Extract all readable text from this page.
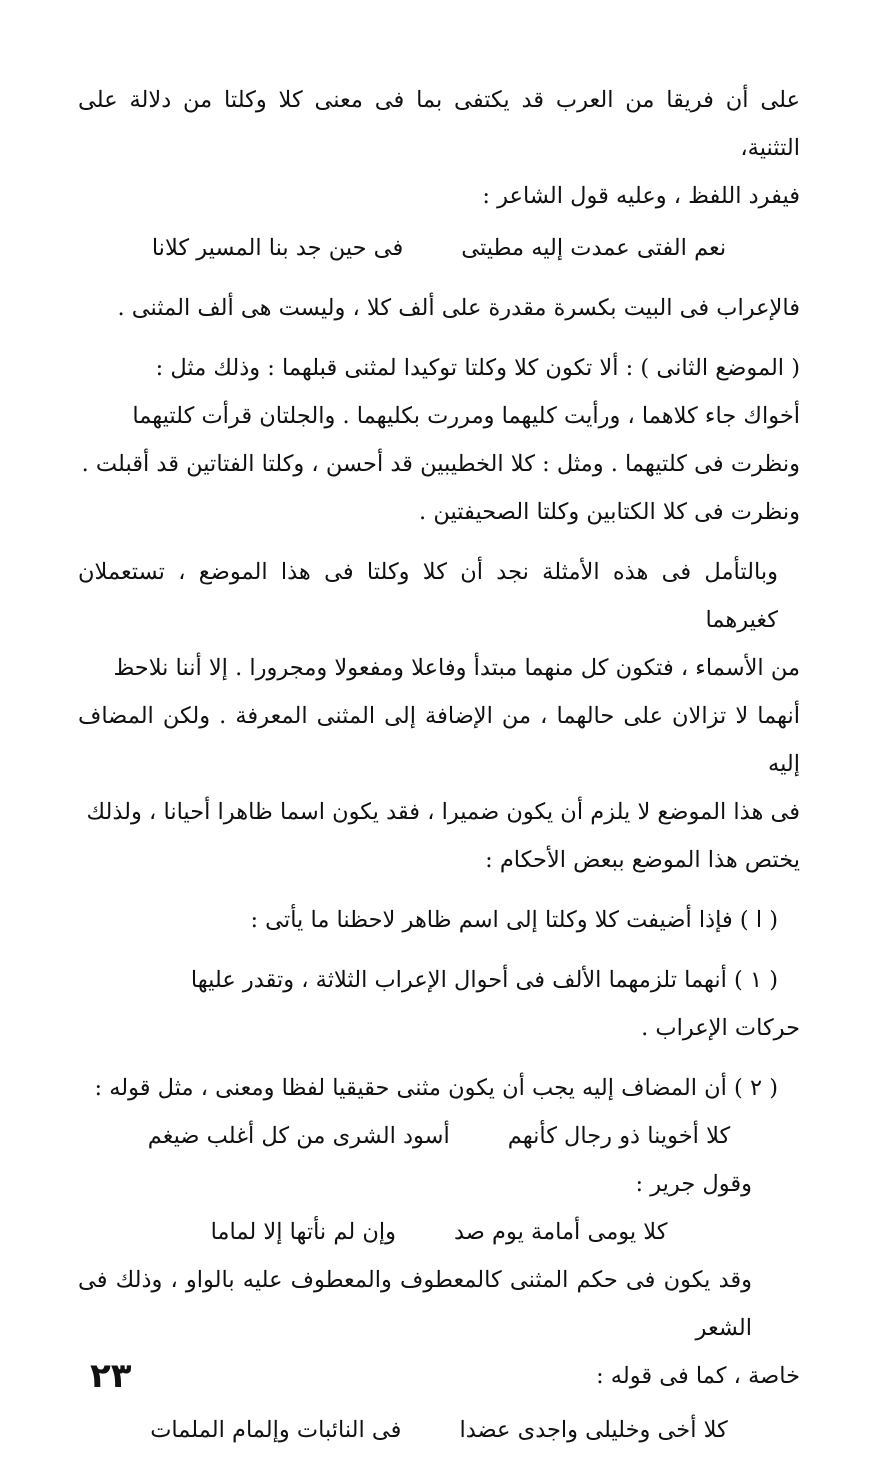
على أن فريقا من العرب قد يكتفى بما فى معنى كلا وكلتا من دلالة على التثنية،

فيفرد اللفظ ، وعليه قول الشاعر :

نعم الفتى عمدت إليه مطيتى
فى حين جد بنا المسير كلانا

فالإعراب فى البيت بكسرة مقدرة على ألف كلا ، وليست هى ألف المثنى .

( الموضع الثانى ) : ألا تكون كلا وكلتا توكيدا لمثنى قبلهما : وذلك مثل :

أخواك جاء كلاهما ، ورأيت كليهما ومررت بكليهما . والجلتان قرأت كلتيهما

ونظرت فى كلتيهما . ومثل : كلا الخطيبين قد أحسن ، وكلتا الفتاتين قد أقبلت .

ونظرت فى كلا الكتابين وكلتا الصحيفتين .

وبالتأمل فى هذه الأمثلة نجد أن كلا وكلتا فى هذا الموضع ، تستعملان كغيرهما

من الأسماء ، فتكون كل منهما مبتدأ وفاعلا ومفعولا ومجرورا . إلا أننا نلاحظ

أنهما لا تزالان على حالهما ، من الإضافة إلى المثنى المعرفة . ولكن المضاف إليه

فى هذا الموضع لا يلزم أن يكون ضميرا ، فقد يكون اسما ظاهرا أحيانا ، ولذلك

يختص هذا الموضع ببعض الأحكام :

( ا ) فإذا أضيفت كلا وكلتا إلى اسم ظاهر لاحظنا ما يأتى :

( ١ ) أنهما تلزمهما الألف فى أحوال الإعراب الثلاثة ، وتقدر عليها

حركات الإعراب .

( ٢ ) أن المضاف إليه يجب أن يكون مثنى حقيقيا لفظا ومعنى ، مثل قوله :

كلا أخوينا ذو رجال كأنهم
أسود الشرى من كل أغلب ضيغم

وقول جرير :

كلا يومى أمامة يوم صد
وإن لم نأتها إلا لماما

وقد يكون فى حكم المثنى كالمعطوف والمعطوف عليه بالواو ، وذلك فى الشعر

خاصة ، كما فى قوله :

كلا أخى وخليلى واجدى عضدا
فى النائبات وإلمام الملمات
٢٣
